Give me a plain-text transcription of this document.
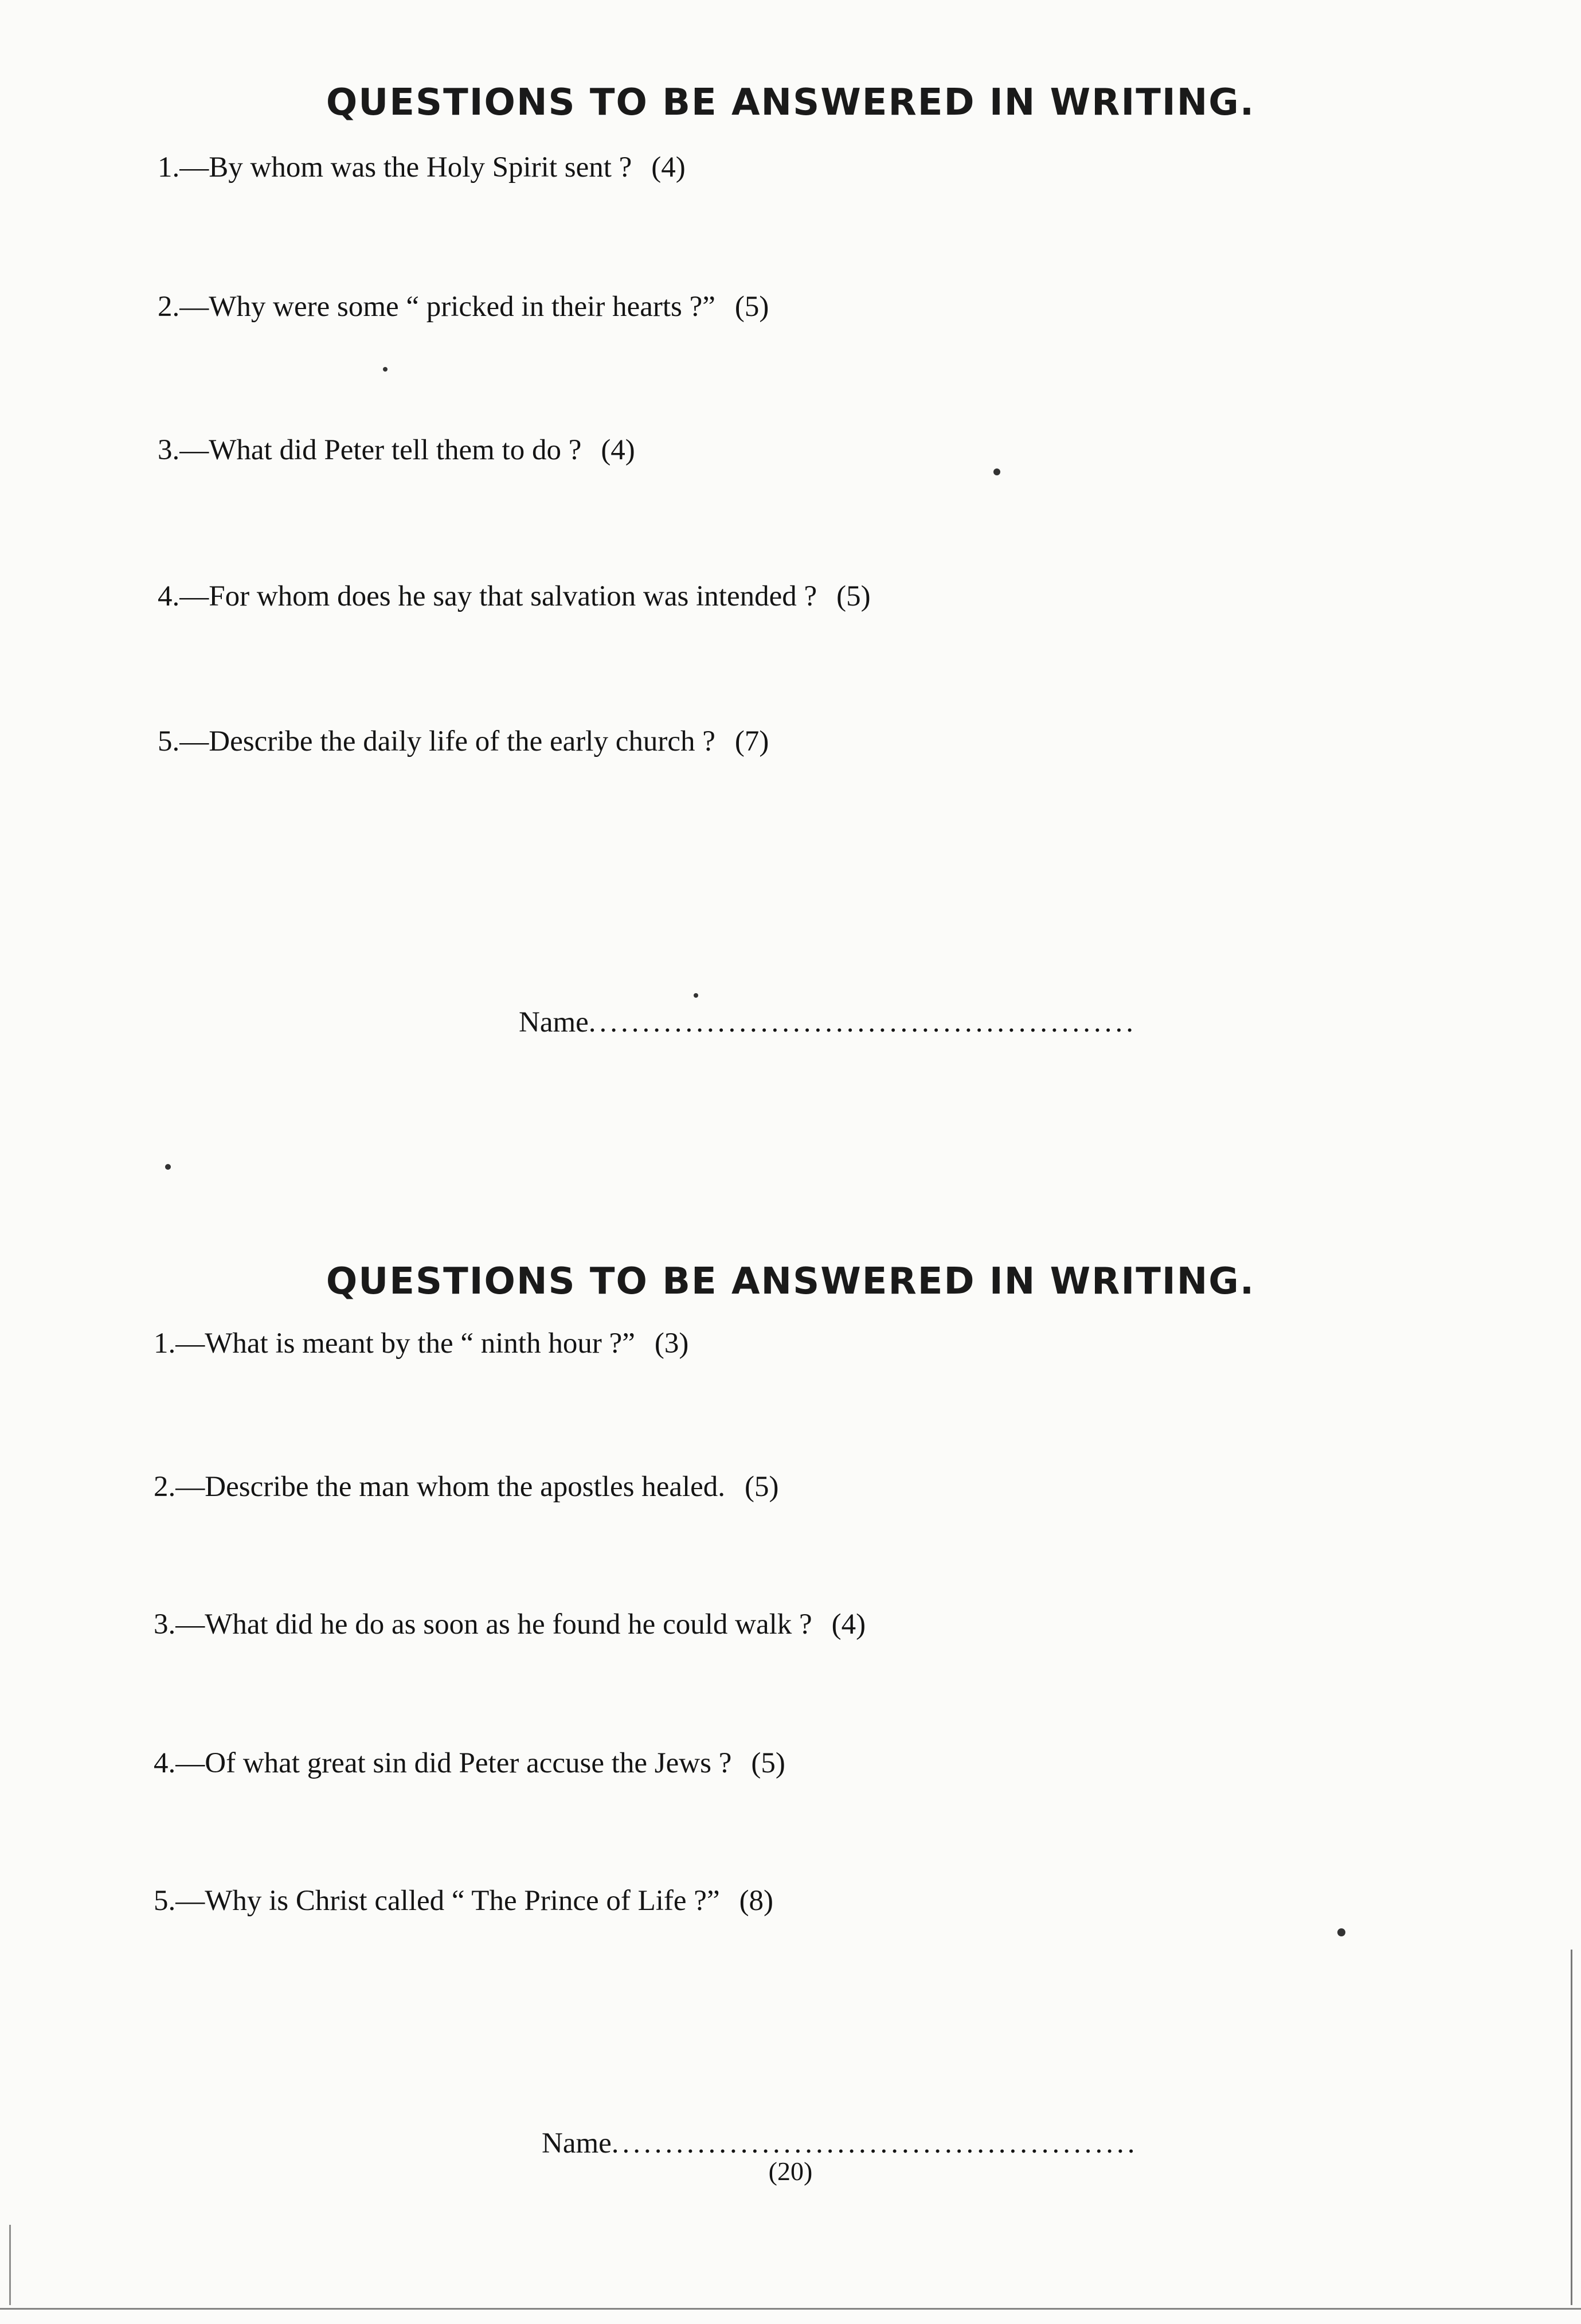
QUESTIONS TO BE ANSWERED IN WRITING.
1.—By whom was the Holy Spirit sent ? (4)
2.—Why were some “ pricked in their hearts ?” (5)
3.—What did Peter tell them to do ? (4)
4.—For whom does he say that salvation was intended ? (5)
5.—Describe the daily life of the early church ? (7)
Name...................................................
QUESTIONS TO BE ANSWERED IN WRITING.
1.—What is meant by the “ ninth hour ?” (3)
2.—Describe the man whom the apostles healed. (5)
3.—What did he do as soon as he found he could walk ? (4)
4.—Of what great sin did Peter accuse the Jews ? (5)
5.—Why is Christ called “ The Prince of Life ?” (8)
Name.................................................
(20)
